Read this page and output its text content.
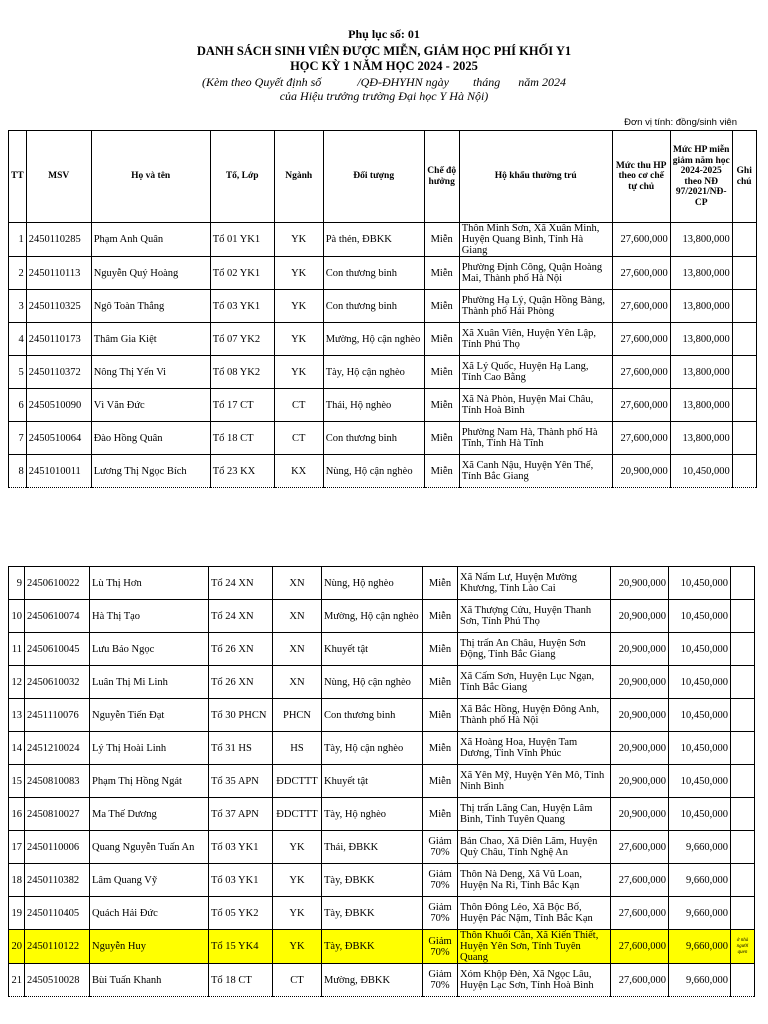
Phụ lục số: 01
DANH SÁCH SINH VIÊN ĐƯỢC MIỄN, GIẢM HỌC PHÍ KHỐI Y1
HỌC KỲ 1 NĂM HỌC 2024 - 2025
(Kèm theo Quyết định số            /QĐ-ĐHYHN ngày        tháng      năm 2024
của Hiệu trưởng trường Đại học Y Hà Nội)
Đơn vị tính: đồng/sinh viên
TT	MSV	Họ và tên	Tổ, Lớp	Ngành	Đối tượng	Chế độ hưởng	Hộ khẩu thường trú	Mức thu HP theo cơ chế tự chủ	Mức HP miễn giảm năm học 2024-2025 theo NĐ 97/2021/NĐ-CP	Ghi chú
1	2450110285	Phạm Anh Quân	Tổ 01 YK1	YK	Pà thẻn, ĐBKK	Miễn	Thôn Minh Sơn, Xã Xuân Minh, Huyện Quang Bình, Tỉnh Hà Giang	27,600,000	13,800,000	
2	2450110113	Nguyễn Quý Hoàng	Tổ 02 YK1	YK	Con thương binh	Miễn	Phường Định Công, Quận Hoàng Mai, Thành phố Hà Nội	27,600,000	13,800,000	
3	2450110325	Ngô Toàn Thắng	Tổ 03 YK1	YK	Con thương binh	Miễn	Phường Hạ Lý, Quận Hồng Bàng, Thành phố Hải Phòng	27,600,000	13,800,000	
4	2450110173	Thâm Gia Kiệt	Tổ 07 YK2	YK	Mường, Hộ cận nghèo	Miễn	Xã Xuân Viên, Huyện Yên Lập, Tỉnh Phú Thọ	27,600,000	13,800,000	
5	2450110372	Nông Thị Yến Vi	Tổ 08 YK2	YK	Tày, Hộ cận nghèo	Miễn	Xã Lý Quốc, Huyện Hạ Lang, Tỉnh Cao Bằng	27,600,000	13,800,000	
6	2450510090	Vì Văn Đức	Tổ 17 CT	CT	Thái, Hộ nghèo	Miễn	Xã Nà Phòn, Huyện Mai Châu, Tỉnh Hoà Bình	27,600,000	13,800,000	
7	2450510064	Đào Hồng Quân	Tổ 18 CT	CT	Con thương binh	Miễn	Phường Nam Hà, Thành phố Hà Tĩnh, Tỉnh Hà Tĩnh	27,600,000	13,800,000	
8	2451010011	Lương Thị Ngọc Bích	Tổ 23 KX	KX	Nùng, Hộ cận nghèo	Miễn	Xã Canh Nậu, Huyện Yên Thế, Tỉnh Bắc Giang	20,900,000	10,450,000	
9	2450610022	Lù Thị Hơn	Tổ 24 XN	XN	Nùng, Hộ nghèo	Miễn	Xã Nấm Lư, Huyện Mường Khương, Tỉnh Lào Cai	20,900,000	10,450,000	
10	2450610074	Hà Thị Tạo	Tổ 24 XN	XN	Mường, Hộ cận nghèo	Miễn	Xã Thượng Cửu, Huyện Thanh Sơn, Tỉnh Phú Thọ	20,900,000	10,450,000	
11	2450610045	Lưu Bảo Ngọc	Tổ 26 XN	XN	Khuyết tật	Miễn	Thị trấn An Châu, Huyện Sơn Động, Tỉnh Bắc Giang	20,900,000	10,450,000	
12	2450610032	Luân Thị Mi Linh	Tổ 26 XN	XN	Nùng, Hộ cận nghèo	Miễn	Xã Cấm Sơn, Huyện Lục Ngạn, Tỉnh Bắc Giang	20,900,000	10,450,000	
13	2451110076	Nguyễn Tiến Đạt	Tổ 30 PHCN	PHCN	Con thương binh	Miễn	Xã Bắc Hồng, Huyện Đông Anh, Thành phố Hà Nội	20,900,000	10,450,000	
14	2451210024	Lý Thị Hoài Linh	Tổ 31 HS	HS	Tày, Hộ cận nghèo	Miễn	Xã Hoàng Hoa, Huyện Tam Dương, Tỉnh Vĩnh Phúc	20,900,000	10,450,000	
15	2450810083	Phạm Thị Hồng Ngát	Tổ 35 APN	ĐDCTTT	Khuyết tật	Miễn	Xã Yên Mỹ, Huyện Yên Mô, Tỉnh Ninh Bình	20,900,000	10,450,000	
16	2450810027	Ma Thế Dương	Tổ 37 APN	ĐDCTTT	Tày, Hộ nghèo	Miễn	Thị trấn Lăng Can, Huyện Lâm Bình, Tỉnh Tuyên Quang	20,900,000	10,450,000	
17	2450110006	Quang Nguyễn Tuấn An	Tổ 03 YK1	YK	Thái, ĐBKK	Giảm 70%	Bản Chao, Xã Diên Lãm, Huyện Quỳ Châu, Tỉnh Nghệ An	27,600,000	9,660,000	
18	2450110382	Lâm Quang Vỹ	Tổ 03 YK1	YK	Tày, ĐBKK	Giảm 70%	Thôn Nà Deng, Xã Vũ Loan, Huyện Na Rì, Tỉnh Bắc Kạn	27,600,000	9,660,000	
19	2450110405	Quách Hải Đức	Tổ 05 YK2	YK	Tày, ĐBKK	Giảm 70%	Thôn Đông Lẻo, Xã Bộc Bố, Huyện Pác Nặm, Tỉnh Bắc Kạn	27,600,000	9,660,000	
20	2450110122	Nguyễn Huy	Tổ 15 YK4	YK	Tày, ĐBKK	Giảm 70%	Thôn Khuổi Cằn, Xã Kiến Thiết, Huyện Yên Sơn, Tỉnh Tuyên Quang	27,600,000	9,660,000	ở nhà người quen
21	2450510028	Bùi Tuấn Khanh	Tổ 18 CT	CT	Mường, ĐBKK	Giảm 70%	Xóm Khộp Đèn, Xã Ngọc Lâu, Huyện Lạc Sơn, Tỉnh Hoà Bình	27,600,000	9,660,000	
